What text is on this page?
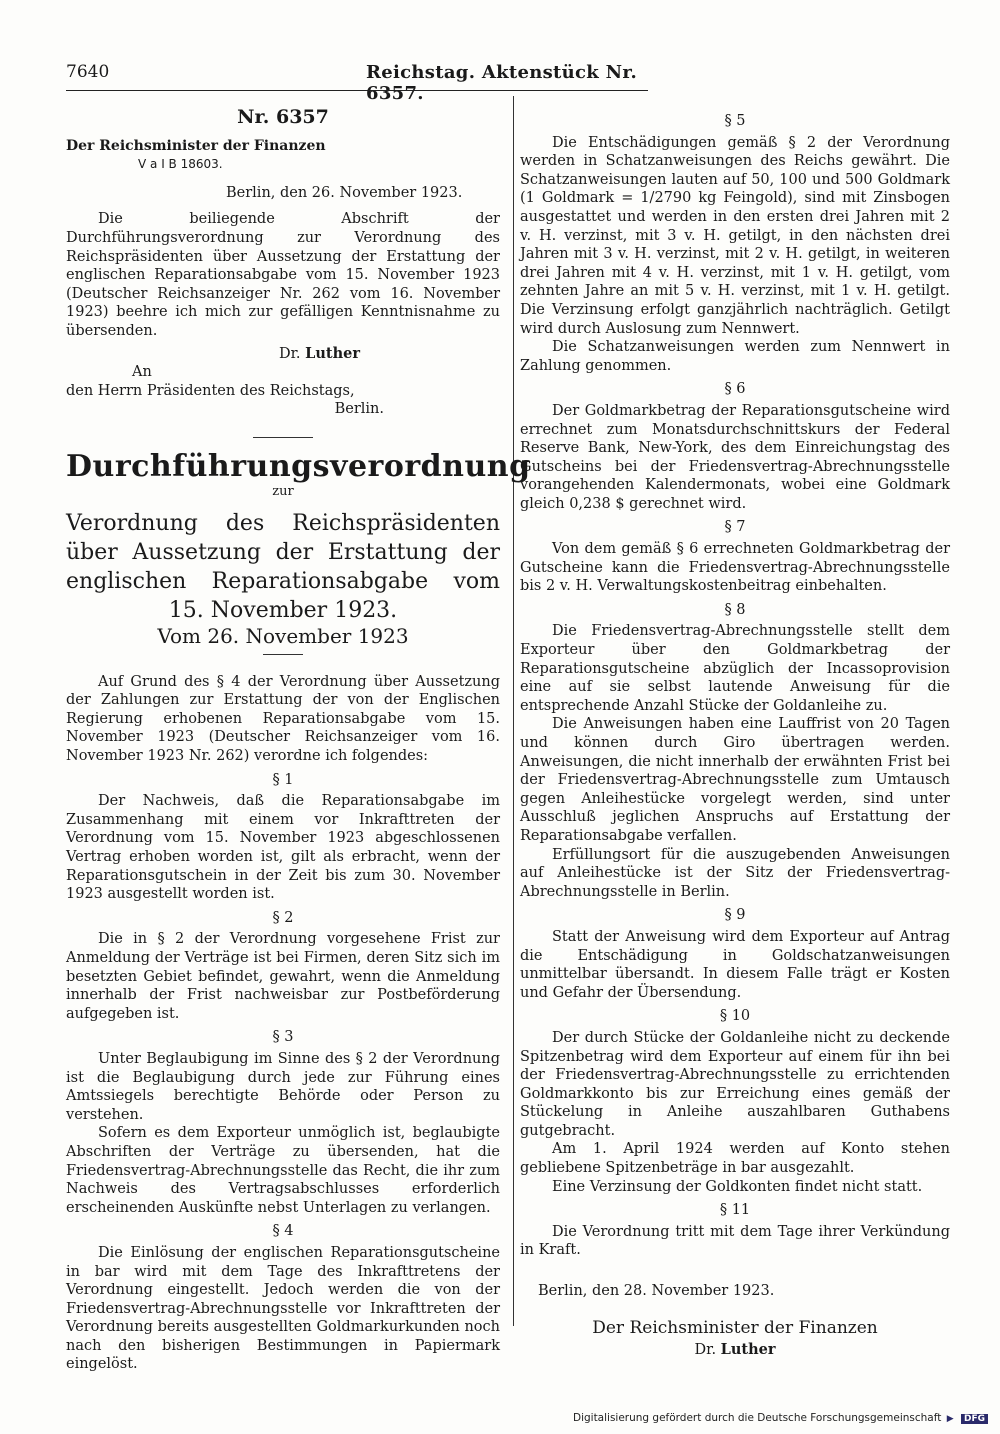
7640	Reichstag. Aktenstück Nr. 6357.
Nr. 6357
Der Reichsminister der Finanzen
V a I B 18603.

Berlin, den 26. November 1923.

Die beiliegende Abschrift der Durchführungsverordnung zur Verordnung des Reichspräsidenten über Aussetzung der Erstattung der englischen Reparationsabgabe vom 15. November 1923 (Deutscher Reichsanzeiger Nr. 262 vom 16. November 1923) beehre ich mich zur gefälligen Kenntnisnahme zu übersenden.

Dr. Luther

An

den Herrn Präsidenten des Reichstags,

Berlin.

Durchführungsverordnung
zur
Verordnung des Reichspräsidenten über Aussetzung der Erstattung der englischen Reparationsabgabe vom 15. November 1923.
Vom 26. November 1923

Auf Grund des § 4 der Verordnung über Aussetzung der Zahlungen zur Erstattung der von der Englischen Regierung erhobenen Reparationsabgabe vom 15. November 1923 (Deutscher Reichsanzeiger vom 16. November 1923 Nr. 262) verordne ich folgendes:

§ 1

Der Nachweis, daß die Reparationsabgabe im Zusammenhang mit einem vor Inkrafttreten der Verordnung vom 15. November 1923 abgeschlossenen Vertrag erhoben worden ist, gilt als erbracht, wenn der Reparationsgutschein in der Zeit bis zum 30. November 1923 ausgestellt worden ist.

§ 2

Die in § 2 der Verordnung vorgesehene Frist zur Anmeldung der Verträge ist bei Firmen, deren Sitz sich im besetzten Gebiet befindet, gewahrt, wenn die Anmeldung innerhalb der Frist nachweisbar zur Postbeförderung aufgegeben ist.

§ 3

Unter Beglaubigung im Sinne des § 2 der Verordnung ist die Beglaubigung durch jede zur Führung eines Amtssiegels berechtigte Behörde oder Person zu verstehen.

Sofern es dem Exporteur unmöglich ist, beglaubigte Abschriften der Verträge zu übersenden, hat die Friedensvertrag-Abrechnungsstelle das Recht, die ihr zum Nachweis des Vertragsabschlusses erforderlich erscheinenden Auskünfte nebst Unterlagen zu verlangen.

§ 4

Die Einlösung der englischen Reparationsgutscheine in bar wird mit dem Tage des Inkrafttretens der Verordnung eingestellt. Jedoch werden die von der Friedensvertrag-Abrechnungsstelle vor Inkrafttreten der Verordnung bereits ausgestellten Goldmarkurkunden noch nach den bisherigen Bestimmungen in Papiermark eingelöst.

§ 5

Die Entschädigungen gemäß § 2 der Verordnung werden in Schatzanweisungen des Reichs gewährt. Die Schatzanweisungen lauten auf 50, 100 und 500 Goldmark (1 Goldmark = 1/2790 kg Feingold), sind mit Zinsbogen ausgestattet und werden in den ersten drei Jahren mit 2 v. H. verzinst, mit 3 v. H. getilgt, in den nächsten drei Jahren mit 3 v. H. verzinst, mit 2 v. H. getilgt, in weiteren drei Jahren mit 4 v. H. verzinst, mit 1 v. H. getilgt, vom zehnten Jahre an mit 5 v. H. verzinst, mit 1 v. H. getilgt. Die Verzinsung erfolgt ganzjährlich nachträglich. Getilgt wird durch Auslosung zum Nennwert.

Die Schatzanweisungen werden zum Nennwert in Zahlung genommen.

§ 6

Der Goldmarkbetrag der Reparationsgutscheine wird errechnet zum Monatsdurchschnittskurs der Federal Reserve Bank, New-York, des dem Einreichungstag des Gutscheins bei der Friedensvertrag-Abrechnungsstelle vorangehenden Kalendermonats, wobei eine Goldmark gleich 0,238 $ gerechnet wird.

§ 7

Von dem gemäß § 6 errechneten Goldmarkbetrag der Gutscheine kann die Friedensvertrag-Abrechnungsstelle bis 2 v. H. Verwaltungskostenbeitrag einbehalten.

§ 8

Die Friedensvertrag-Abrechnungsstelle stellt dem Exporteur über den Goldmarkbetrag der Reparationsgutscheine abzüglich der Incassoprovision eine auf sie selbst lautende Anweisung für die entsprechende Anzahl Stücke der Goldanleihe zu.

Die Anweisungen haben eine Lauffrist von 20 Tagen und können durch Giro übertragen werden. Anweisungen, die nicht innerhalb der erwähnten Frist bei der Friedensvertrag-Abrechnungsstelle zum Umtausch gegen Anleihestücke vorgelegt werden, sind unter Ausschluß jeglichen Anspruchs auf Erstattung der Reparationsabgabe verfallen.

Erfüllungsort für die auszugebenden Anweisungen auf Anleihestücke ist der Sitz der Friedensvertrag-Abrechnungsstelle in Berlin.

§ 9

Statt der Anweisung wird dem Exporteur auf Antrag die Entschädigung in Goldschatzanweisungen unmittelbar übersandt. In diesem Falle trägt er Kosten und Gefahr der Übersendung.

§ 10

Der durch Stücke der Goldanleihe nicht zu deckende Spitzenbetrag wird dem Exporteur auf einem für ihn bei der Friedensvertrag-Abrechnungsstelle zu errichtenden Goldmarkkonto bis zur Erreichung eines gemäß der Stückelung in Anleihe auszahlbaren Guthabens gutgebracht.

Am 1. April 1924 werden auf Konto stehen gebliebene Spitzenbeträge in bar ausgezahlt.

Eine Verzinsung der Goldkonten findet nicht statt.

§ 11

Die Verordnung tritt mit dem Tage ihrer Verkündung in Kraft.

Berlin, den 28. November 1923.

Der Reichsminister der Finanzen
Dr. Luther
Digitalisierung gefördert durch die Deutsche Forschungsgemeinschaft ▶ DFG
